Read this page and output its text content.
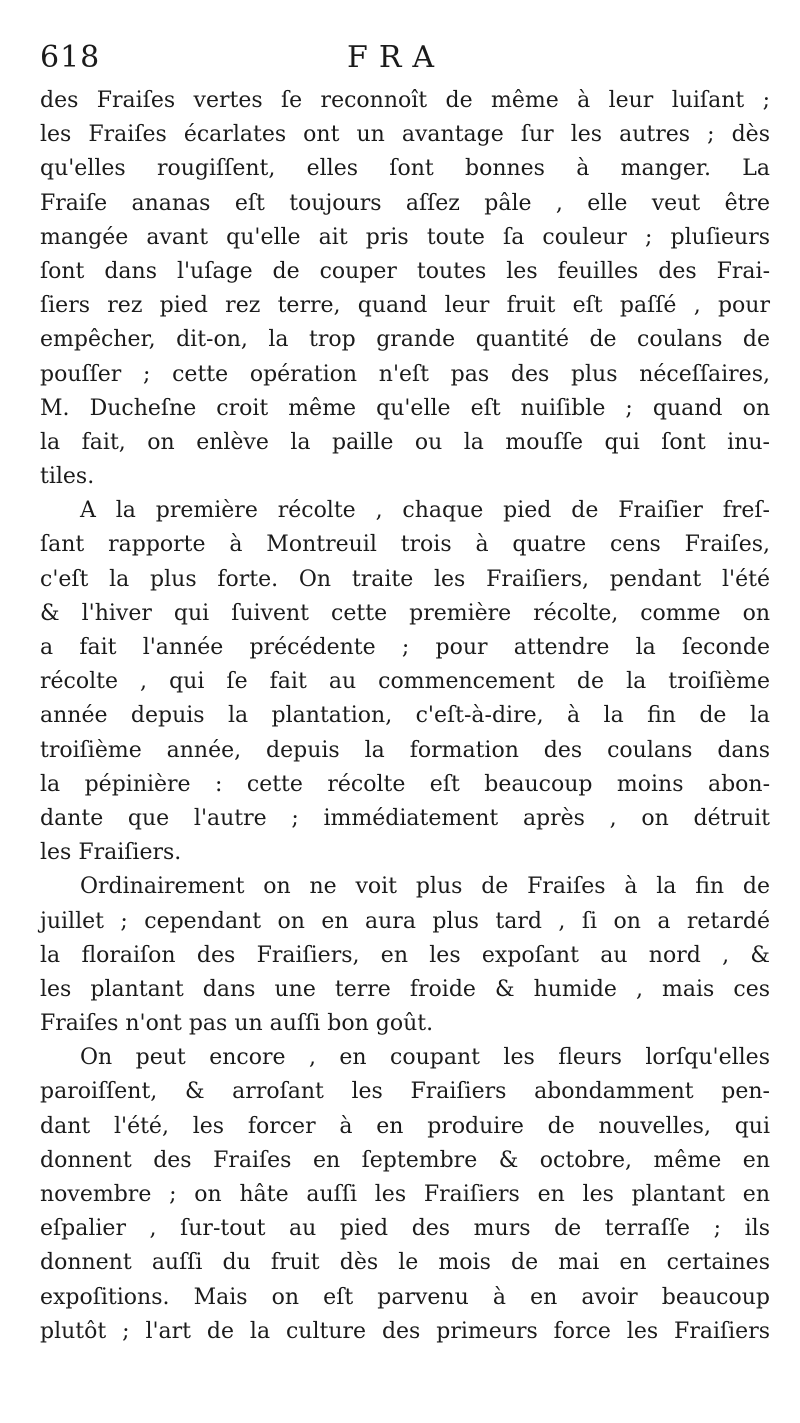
618	FRA
des Fraiſes vertes ſe reconnoît de même à leur luiſant ;
les Fraiſes écarlates ont un avantage ſur les autres ; dès
qu'elles rougiſſent, elles ſont bonnes à manger. La
Fraiſe ananas eſt toujours aſſez pâle , elle veut être
mangée avant qu'elle ait pris toute ſa couleur ; pluſieurs
ſont dans l'uſage de couper toutes les feuilles des Frai-
ſiers rez pied rez terre, quand leur fruit eſt paſſé , pour
empêcher, dit-on, la trop grande quantité de coulans de
pouſſer ; cette opération n'eſt pas des plus néceſſaires,
M. Ducheſne croit même qu'elle eſt nuiſible ; quand on
la fait, on enlève la paille ou la mouſſe qui ſont inu-
tiles.
A la première récolte , chaque pied de Fraiſier freſ-
ſant rapporte à Montreuil trois à quatre cens Fraiſes,
c'eſt la plus forte. On traite les Fraiſiers, pendant l'été
& l'hiver qui ſuivent cette première récolte, comme on
a fait l'année précédente ; pour attendre la ſeconde
récolte , qui ſe fait au commencement de la troiſième
année depuis la plantation, c'eſt-à-dire, à la fin de la
troiſième année, depuis la formation des coulans dans
la pépinière : cette récolte eſt beaucoup moins abon-
dante que l'autre ; immédiatement après , on détruit
les Fraiſiers.
Ordinairement on ne voit plus de Fraiſes à la fin de
juillet ; cependant on en aura plus tard , ſi on a retardé
la floraiſon des Fraiſiers, en les expoſant au nord , &
les plantant dans une terre froide & humide , mais ces
Fraiſes n'ont pas un auſſi bon goût.
On peut encore , en coupant les fleurs lorſqu'elles
paroiſſent, & arroſant les Fraiſiers abondamment pen-
dant l'été, les forcer à en produire de nouvelles, qui
donnent des Fraiſes en ſeptembre & octobre, même en
novembre ; on hâte auſſi les Fraiſiers en les plantant en
eſpalier , ſur-tout au pied des murs de terraſſe ; ils
donnent auſſi du fruit dès le mois de mai en certaines
expoſitions. Mais on eſt parvenu à en avoir beaucoup
plutôt ; l'art de la culture des primeurs force les Fraiſiers
